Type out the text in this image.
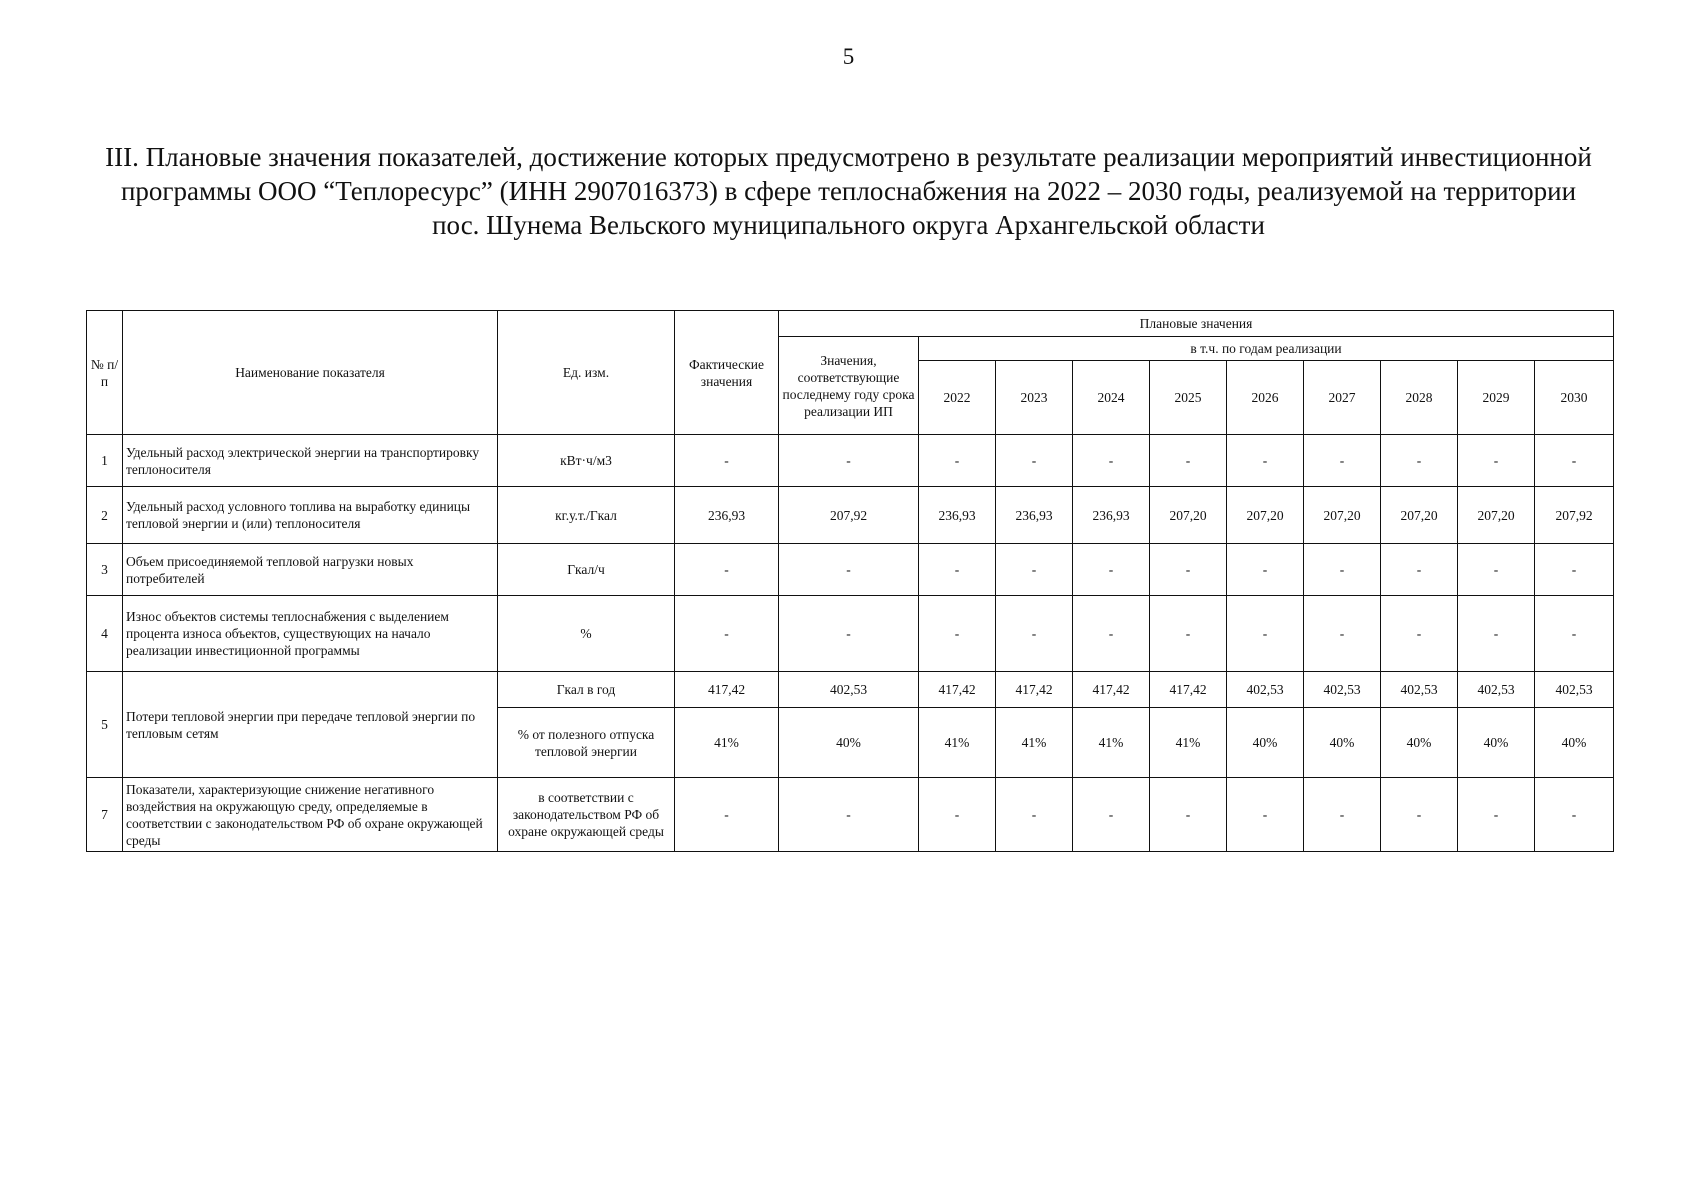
5
III. Плановые значения показателей, достижение которых предусмотрено в результате реализации мероприятий инвестиционной
программы ООО “Теплоресурс” (ИНН 2907016373) в сфере теплоснабжения на 2022 – 2030 годы, реализуемой на территории
пос. Шунема Вельского муниципального округа Архангельской области
№ п/п	Наименование показателя	Ед. изм.	Фактические значения	Плановые значения									
				Значения, соответствующие последнему году срока реализации ИП	в т.ч. по годам реализации								
					2022	2023	2024	2025	2026	2027	2028	2029	2030
1	Удельный расход электрической энергии на транспортировку теплоносителя	кВт·ч/м3	-	-	-	-	-	-	-	-	-	-	-
2	Удельный расход условного топлива на выработку единицы тепловой энергии и (или) теплоносителя	кг.у.т./Гкал	236,93	207,92	236,93	236,93	236,93	207,20	207,20	207,20	207,20	207,20	207,92
3	Объем присоединяемой тепловой нагрузки новых потребителей	Гкал/ч	-	-	-	-	-	-	-	-	-	-	-
4	Износ объектов системы теплоснабжения с выделением процента износа объектов, существующих на начало реализации инвестиционной программы	%	-	-	-	-	-	-	-	-	-	-	-
5	Потери тепловой энергии при передаче тепловой энергии по тепловым сетям	Гкал в год	417,42	402,53	417,42	417,42	417,42	417,42	402,53	402,53	402,53	402,53	402,53
		% от полезного отпуска тепловой энергии	41%	40%	41%	41%	41%	41%	40%	40%	40%	40%	40%
7	Показатели, характеризующие снижение негативного воздействия на окружающую среду, определяемые в соответствии с законодательством РФ об охране окружающей среды	в соответствии с законодательством РФ об охране окружающей среды	-	-	-	-	-	-	-	-	-	-	-
